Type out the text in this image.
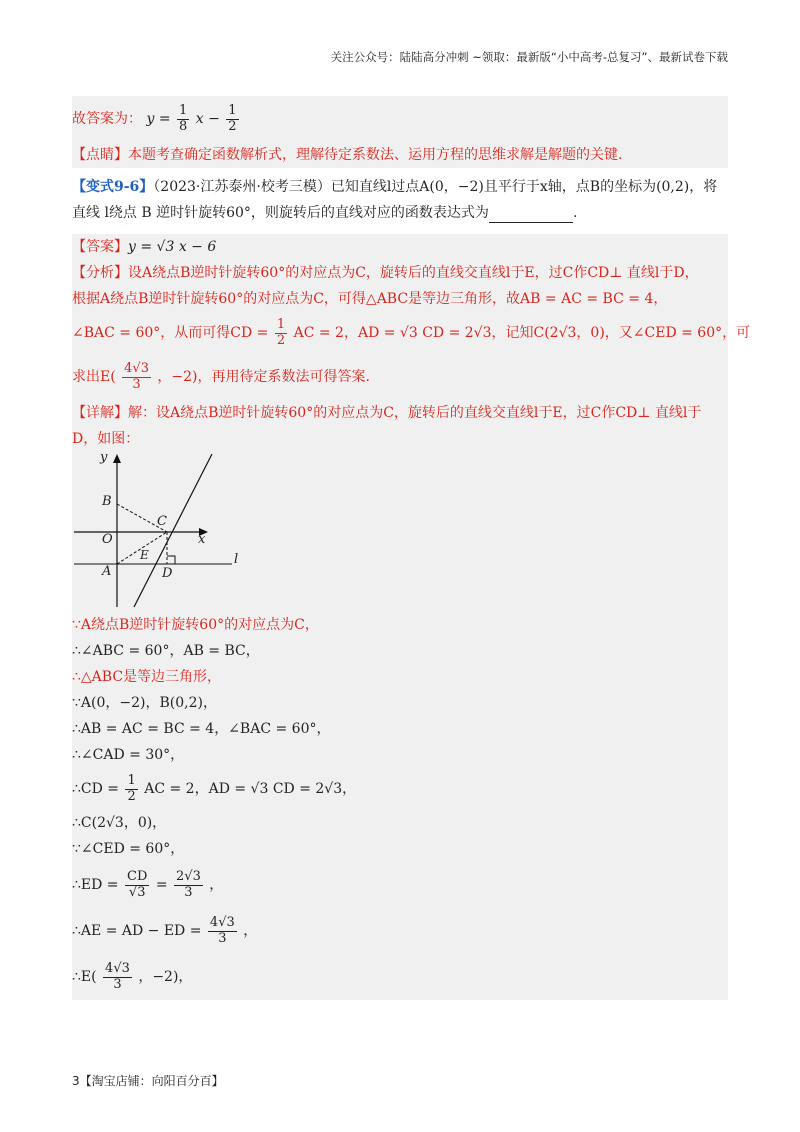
关注公众号：陆陆高分冲刺 ~领取：最新版“小中高考-总复习”、最新试卷下载
故答案为： $y = \frac{1}{8}$ $x - \frac{1}{2}$
【点睛】本题考查确定函数解析式，理解待定系数法、运用方程的思维求解是解题的关键.
【变式9-6】（2023·江苏泰州·校考三模）已知直线l过点A(0，−2)且平行于x轴，点B的坐标为(0,2)，将
直线 l绕点 B 逆时针旋转60°，则旋转后的直线对应的函数表达式为	.
【答案】y = √3 x − 6
【分析】设A绕点B逆时针旋转60°的对应点为C，旋转后的直线交直线l于E，过C作CD⊥ 直线l于D，
根据A绕点B逆时针旋转60°的对应点为C，可得△ABC是等边三角形，故AB = AC = BC = 4，
∠BAC = 60°，从而可得CD = $\frac{1}{2}$ AC = 2，AD = √3 CD = 2√3，记知C(2√3，0)，又∠CED = 60°，可
求出$E( \frac{4√3}{3}$ ，−2)，再用待定系数法可得答案.
【详解】解：设A绕点B逆时针旋转60°的对应点为C，旋转后的直线交直线l于E，过C作CD⊥ 直线l于
D，如图：
y
x
B
C
O
E
A	D
l
∵A绕点B逆时针旋转60°的对应点为C，
∴∠ABC = 60°，AB = BC，
∴△ABC是等边三角形，
∵A(0，−2)，B(0,2)，
∴AB = AC = BC = 4，∠BAC = 60°，
∴∠CAD = 30°，
∴CD = $\frac{1}{2}$ AC = 2，AD = √3 CD = 2√3，
∴C(2√3，0)，
∵∠CED = 60°，
∴ED = $\frac{CD}{√3} = \frac{2√3}{3}$ ，
∴AE = AD − ED = $\frac{4√3}{3}$ ，
∴E( $\frac{4√3}{3}$ ，−2)，
3【淘宝店铺：向阳百分百】
